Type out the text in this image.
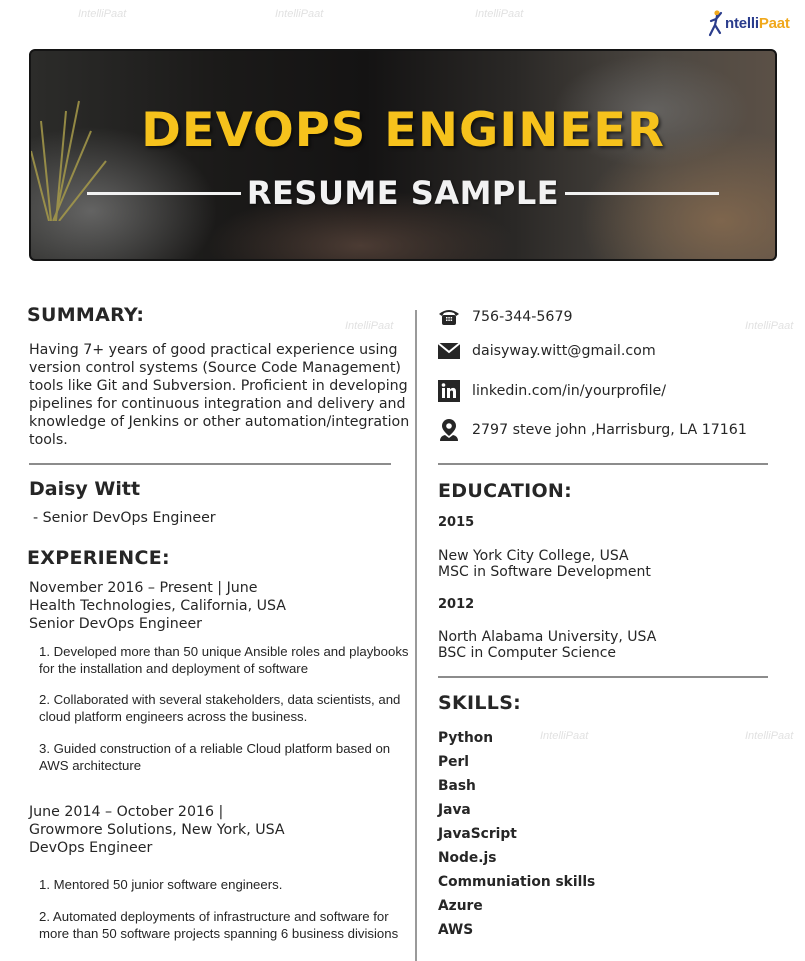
IntelliPaat	IntelliPaat	IntelliPaat
IntelliPaat	IntelliPaat
IntelliPaat	IntelliPaat
ntelliPaat
DEVOPS ENGINEER
RESUME SAMPLE
SUMMARY:
Having 7+ years of good practical experience using version control systems (Source Code Management) tools like Git and Subversion. Proficient in developing pipelines for continuous integration and delivery and knowledge of Jenkins or other automation/integration tools.
Daisy Witt
- Senior DevOps Engineer
EXPERIENCE:
November 2016 – Present | June
Health Technologies, California, USA
Senior DevOps Engineer
1. Developed more than 50 unique Ansible roles and playbooks for the installation and deployment of software
2. Collaborated with several stakeholders, data scientists, and cloud platform engineers across the business.
3. Guided construction of a reliable Cloud platform based on AWS architecture
June 2014 – October 2016 |
Growmore Solutions, New York, USA
DevOps Engineer
1. Mentored 50 junior software engineers.
2. Automated deployments of infrastructure and software for more than 50 software projects spanning 6 business divisions
756-344-5679
daisyway.witt@gmail.com
linkedin.com/in/yourprofile/
2797 steve john ,Harrisburg, LA 17161
EDUCATION:
2015
New York City College, USA
MSC in Software Development
2012
North Alabama University, USA
BSC in Computer Science
SKILLS:
Python
Perl
Bash
Java
JavaScript
Node.js
Communiation skills
Azure
AWS
